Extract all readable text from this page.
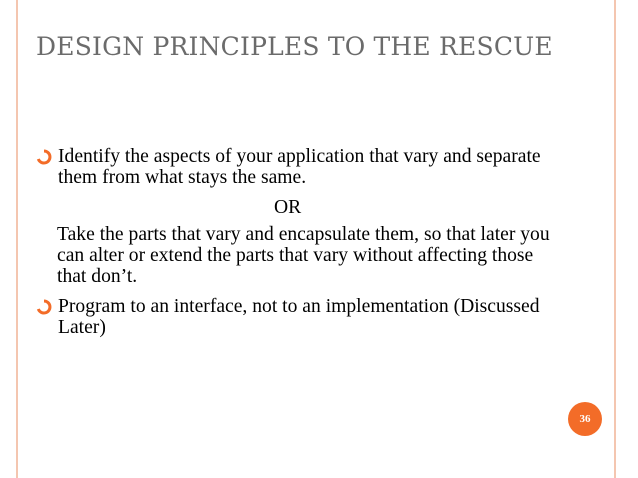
DESIGN PRINCIPLES TO THE RESCUE
Identify the aspects of your application that vary and separate them from what stays the same.
OR
Take the parts that vary and encapsulate them, so that later you can alter or extend the parts that vary without affecting those that don’t.
Program to an interface, not to an implementation (Discussed Later)
36
